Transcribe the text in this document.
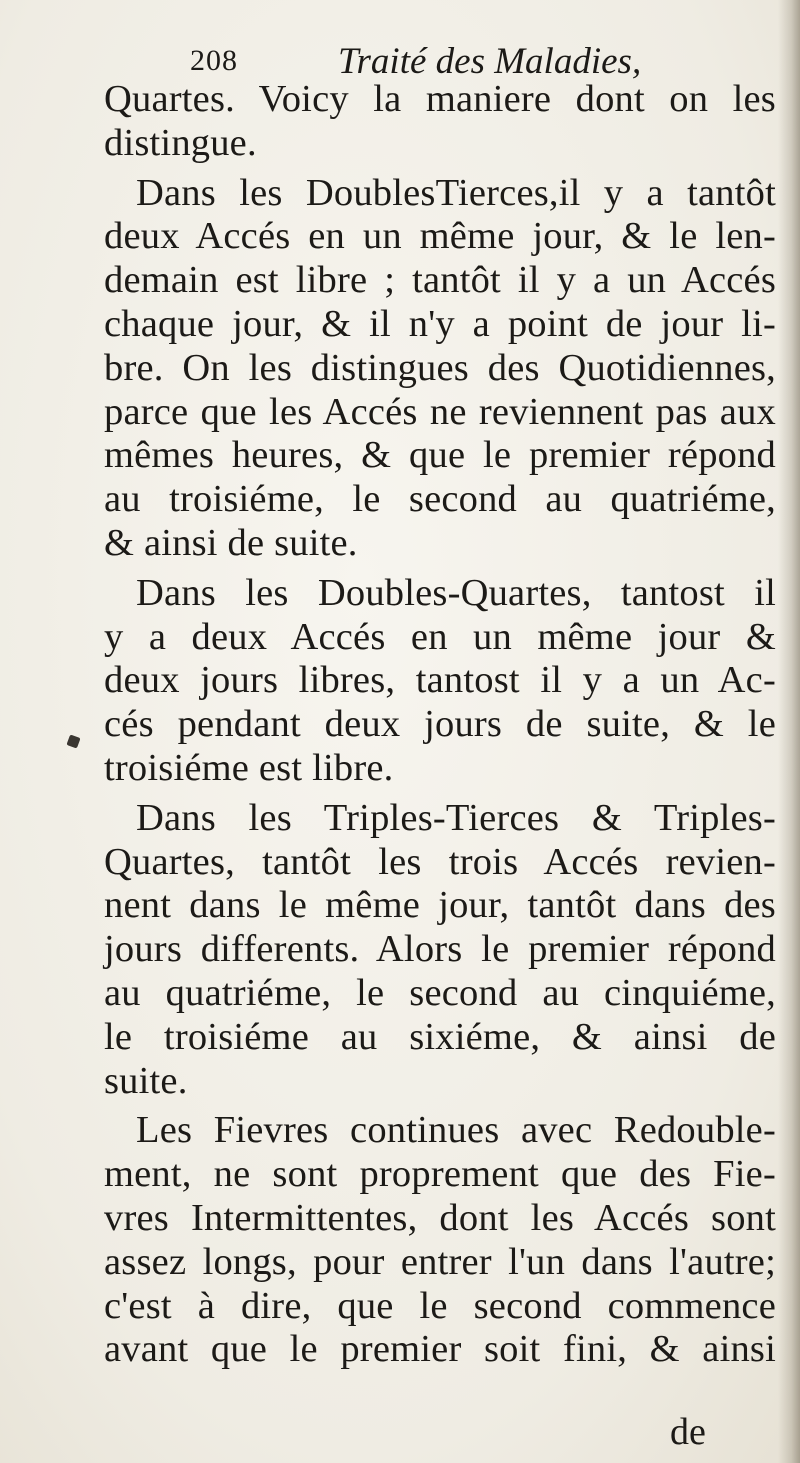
208	Traité des Maladies,
Quartes. Voicy la maniere dont on les
distingue.
Dans les DoublesTierces,il y a tantôt
deux Accés en un même jour, & le len-
demain est libre ; tantôt il y a un Accés
chaque jour, & il n'y a point de jour li-
bre. On les distingues des Quotidiennes,
parce que les Accés ne reviennent pas aux
mêmes heures, & que le premier répond
au troisiéme, le second au quatriéme,
& ainsi de suite.
Dans les Doubles-Quartes, tantost il
y a deux Accés en un même jour &
deux jours libres, tantost il y a un Ac-
cés pendant deux jours de suite, & le
troisiéme est libre.
Dans les Triples-Tierces & Triples-
Quartes, tantôt les trois Accés revien-
nent dans le même jour, tantôt dans des
jours differents. Alors le premier répond
au quatriéme, le second au cinquiéme,
le troisiéme au sixiéme, & ainsi de
suite.
Les Fievres continues avec Redouble-
ment, ne sont proprement que des Fie-
vres Intermittentes, dont les Accés sont
assez longs, pour entrer l'un dans l'autre;
c'est à dire, que le second commence
avant que le premier soit fini, & ainsi
de
